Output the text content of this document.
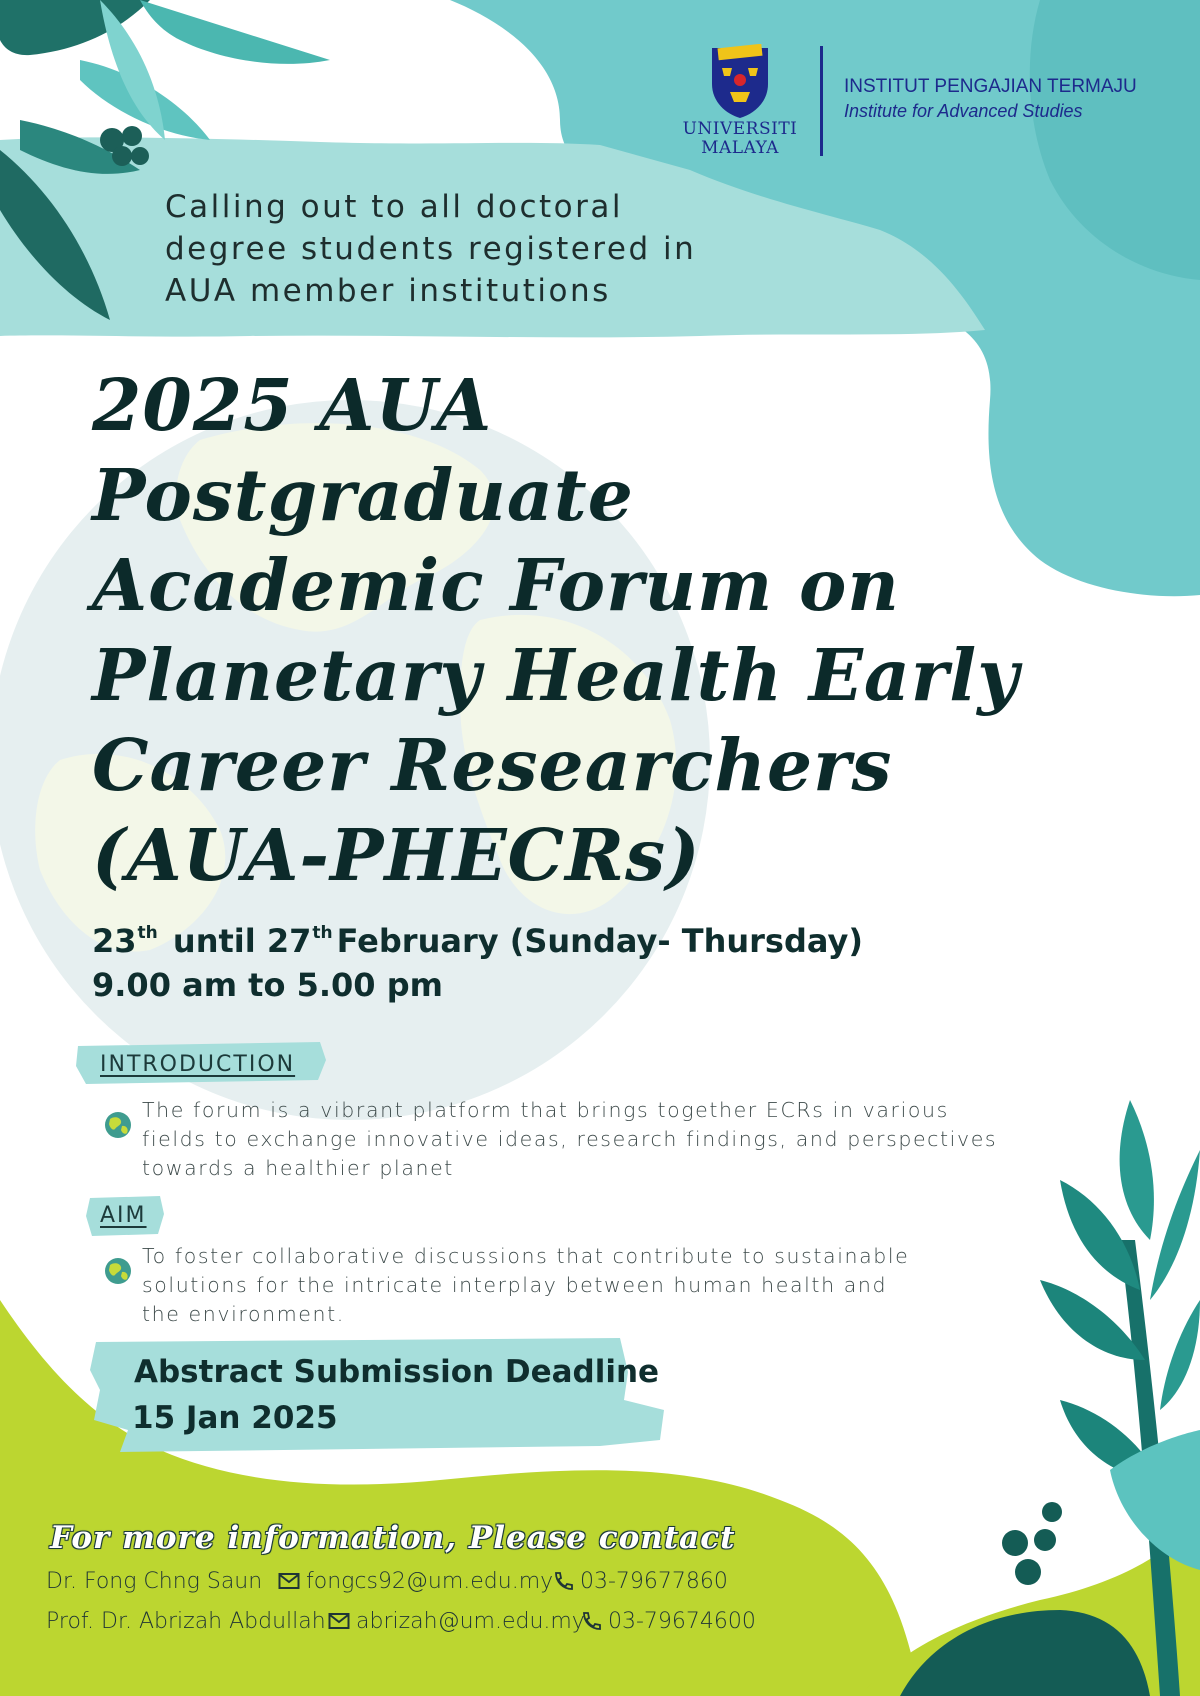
UNIVERSITI
MALAYA
INSTITUT PENGAJIAN TERMAJU
Institute for Advanced Studies
Calling out to all doctoral
degree students registered in
AUA member institutions
2025 AUA
Postgraduate
Academic Forum on
Planetary Health Early
Career Researchers
(AUA-PHECRs)
23th until 27th February (Sunday- Thursday)
9.00 am to 5.00 pm
INTRODUCTION
The forum is a vibrant platform that brings together ECRs in various
fields to exchange innovative ideas, research findings, and perspectives
towards a healthier planet
AIM
To foster collaborative discussions that contribute to sustainable
solutions for the intricate interplay between human health and
the environment.
Abstract Submission Deadline
15 Jan 2025
For more information, Please contact
Dr. Fong Chng Saun	fongcs92@um.edu.my	03-79677860
Prof. Dr. Abrizah Abdullah	abrizah@um.edu.my	03-79674600
